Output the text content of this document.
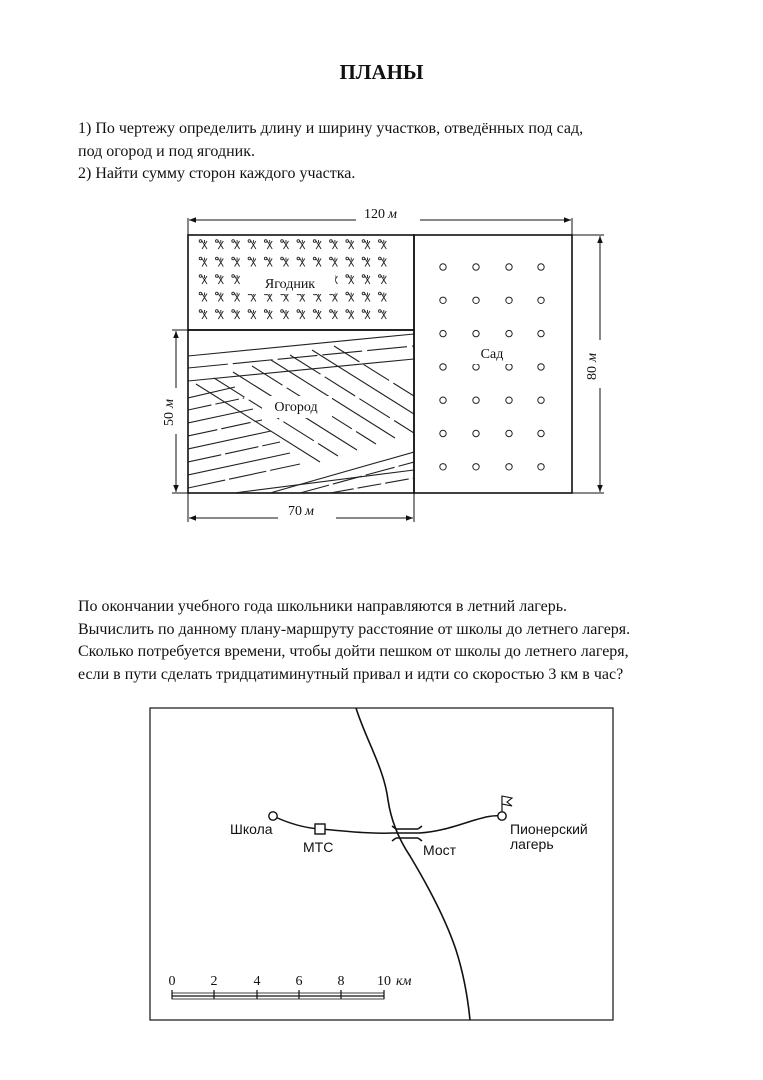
ПЛАНЫ
1) По чертежу определить длину и ширину участков, отведённых под сад,
под огород и под ягодник.
2) Найти сумму сторон каждого участка.
По окончании учебного года школьники направляются в летний лагерь.
Вычислить по данному плану-маршруту расстояние от школы до летнего лагеря.
Сколько потребуется времени, чтобы дойти пешком от школы до летнего лагеря,
если в пути сделать тридцатиминутный привал и идти со скоростью 3 км в час?
Ягодник
Огород
Сад
120 м
80
м
50
м
70 м
Школа
МТС	Мост
Пионерский
лагерь
0	2	4	6	8 10 км
